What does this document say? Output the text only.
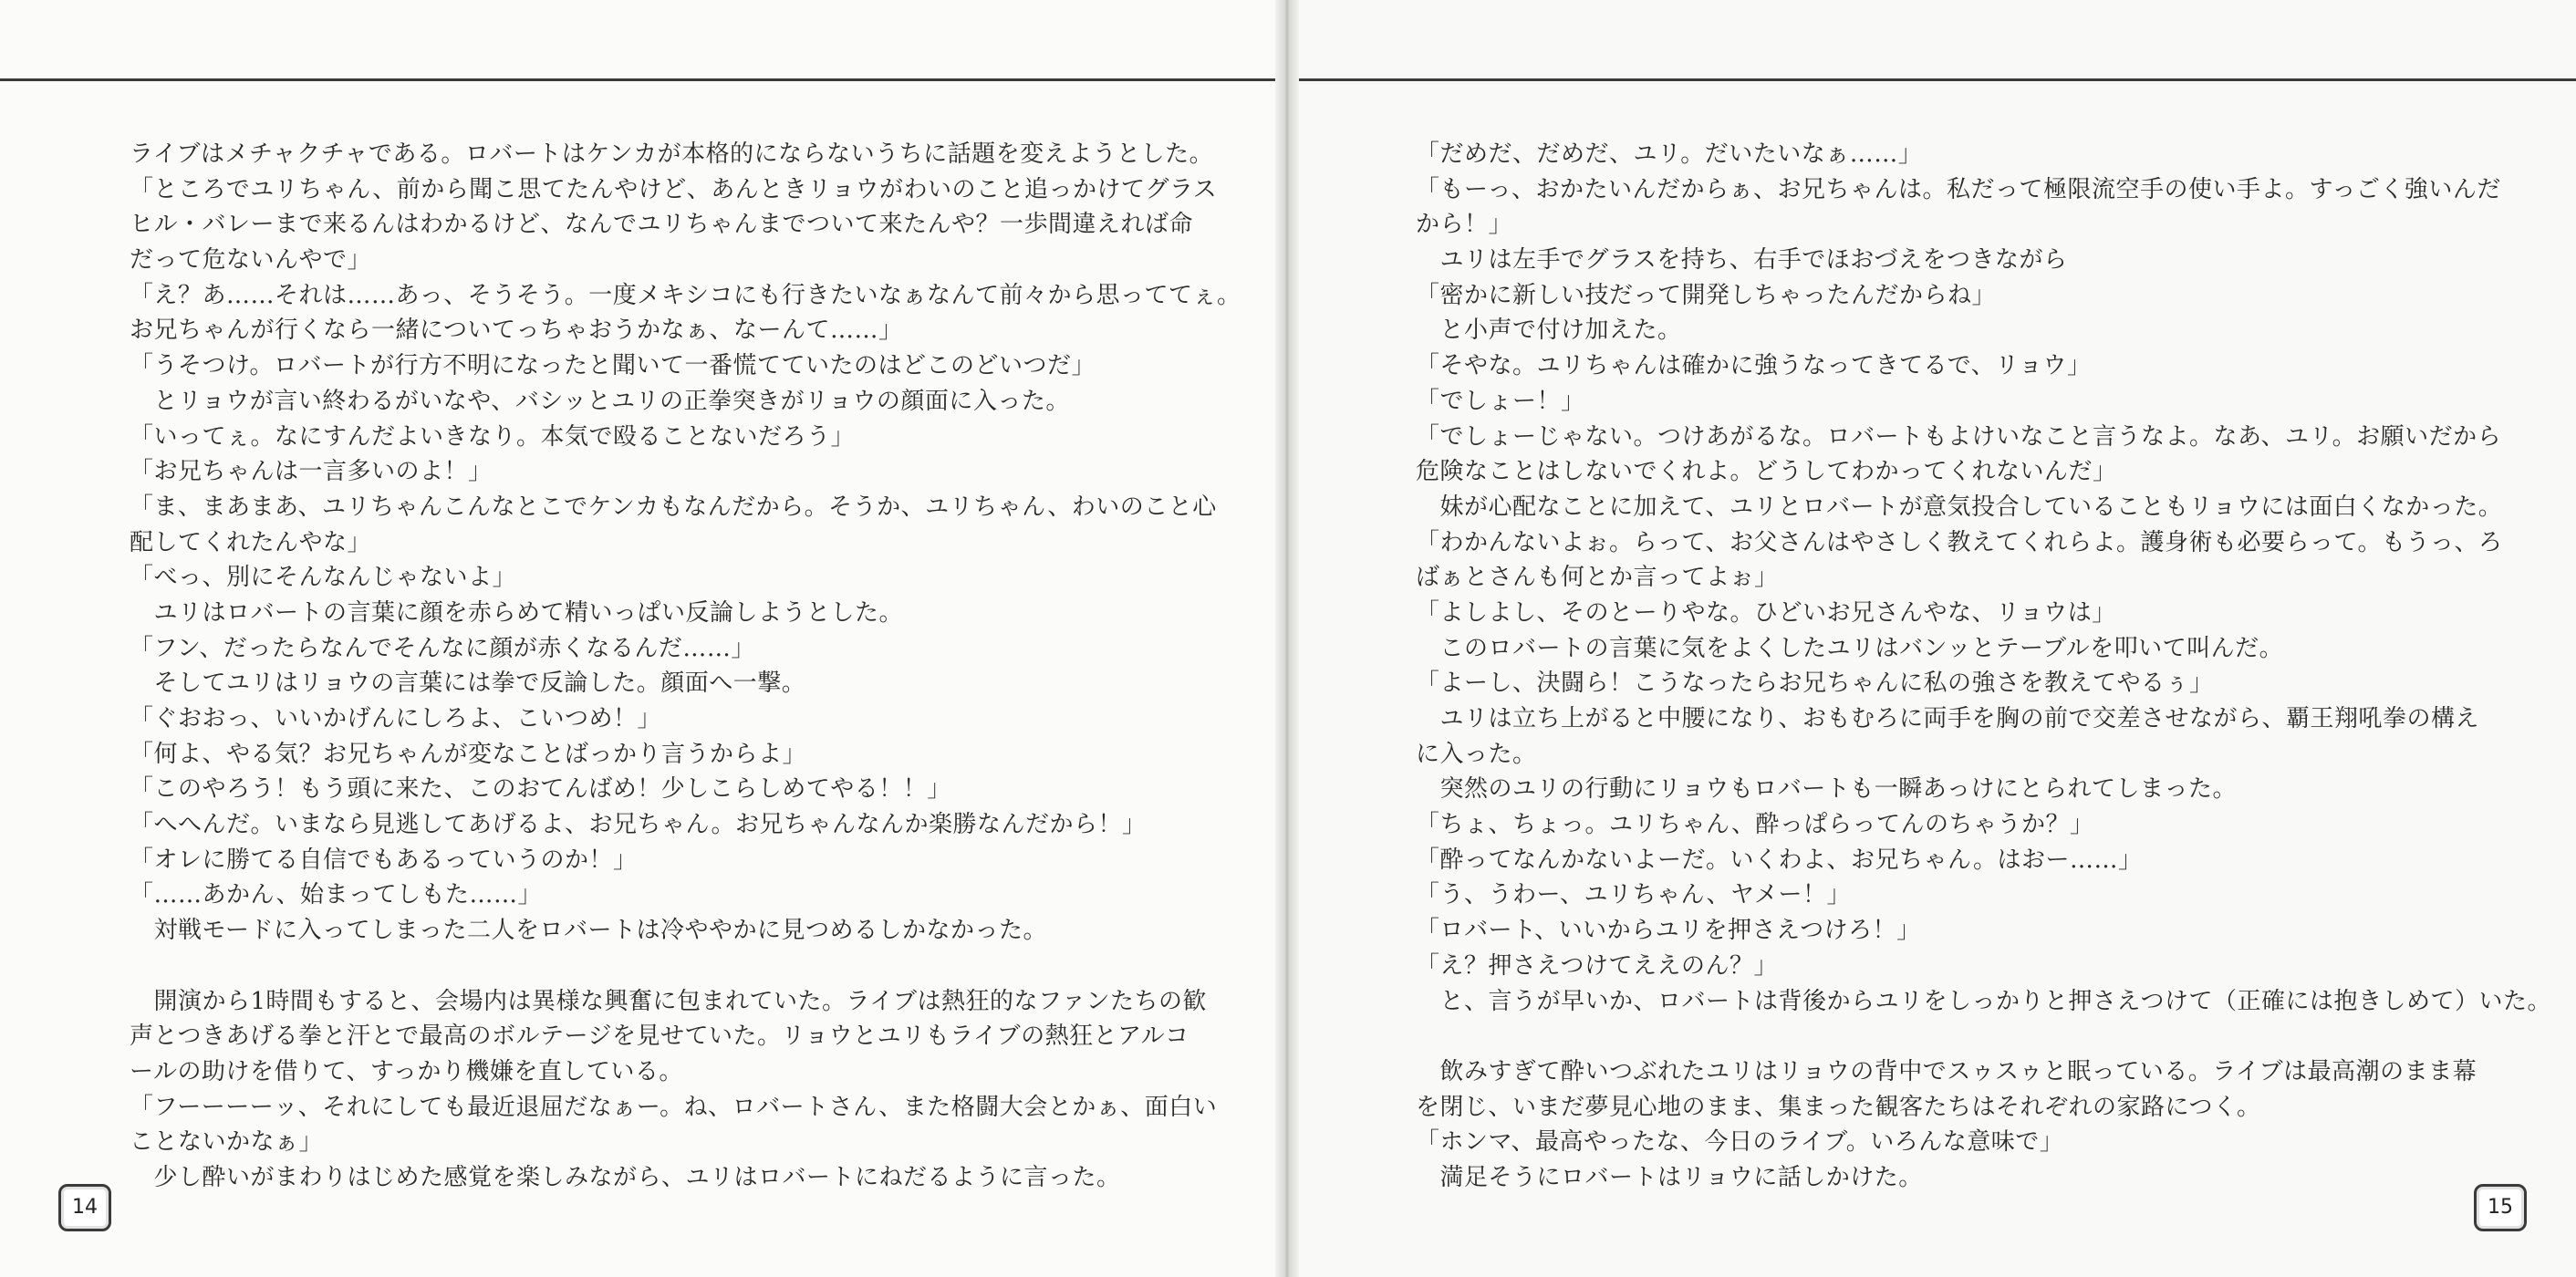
ライブはメチャクチャである。ロバートはケンカが本格的にならないうちに話題を変えようとした。
「ところでユリちゃん、前から聞こ思てたんやけど、あんときリョウがわいのこと追っかけてグラス
ヒル・バレーまで来るんはわかるけど、なんでユリちゃんまでついて来たんや？一歩間違えれば命
だって危ないんやで」
「え？あ……それは……あっ、そうそう。一度メキシコにも行きたいなぁなんて前々から思っててぇ。
お兄ちゃんが行くなら一緒についてっちゃおうかなぁ、なーんて……」
「うそつけ。ロバートが行方不明になったと聞いて一番慌てていたのはどこのどいつだ」
　とリョウが言い終わるがいなや、バシッとユリの正拳突きがリョウの顔面に入った。
「いってぇ。なにすんだよいきなり。本気で殴ることないだろう」
「お兄ちゃんは一言多いのよ！」
「ま、まあまあ、ユリちゃんこんなとこでケンカもなんだから。そうか、ユリちゃん、わいのこと心
配してくれたんやな」
「べっ、別にそんなんじゃないよ」
　ユリはロバートの言葉に顔を赤らめて精いっぱい反論しようとした。
「フン、だったらなんでそんなに顔が赤くなるんだ……」
　そしてユリはリョウの言葉には拳で反論した。顔面へ一撃。
「ぐおおっ、いいかげんにしろよ、こいつめ！」
「何よ、やる気？お兄ちゃんが変なことばっかり言うからよ」
「このやろう！もう頭に来た、このおてんばめ！少しこらしめてやる！！」
「へへんだ。いまなら見逃してあげるよ、お兄ちゃん。お兄ちゃんなんか楽勝なんだから！」
「オレに勝てる自信でもあるっていうのか！」
「……あかん、始まってしもた……」
　対戦モードに入ってしまった二人をロバートは冷ややかに見つめるしかなかった。
　開演から1時間もすると、会場内は異様な興奮に包まれていた。ライブは熱狂的なファンたちの歓
声とつきあげる拳と汗とで最高のボルテージを見せていた。リョウとユリもライブの熱狂とアルコ
ールの助けを借りて、すっかり機嫌を直している。
「フーーーーッ、それにしても最近退屈だなぁー。ね、ロバートさん、また格闘大会とかぁ、面白い
ことないかなぁ」
　少し酔いがまわりはじめた感覚を楽しみながら、ユリはロバートにねだるように言った。
14
「だめだ、だめだ、ユリ。だいたいなぁ……」
「もーっ、おかたいんだからぁ、お兄ちゃんは。私だって極限流空手の使い手よ。すっごく強いんだ
から！」
　ユリは左手でグラスを持ち、右手でほおづえをつきながら
「密かに新しい技だって開発しちゃったんだからね」
　と小声で付け加えた。
「そやな。ユリちゃんは確かに強うなってきてるで、リョウ」
「でしょー！」
「でしょーじゃない。つけあがるな。ロバートもよけいなこと言うなよ。なあ、ユリ。お願いだから
危険なことはしないでくれよ。どうしてわかってくれないんだ」
　妹が心配なことに加えて、ユリとロバートが意気投合していることもリョウには面白くなかった。
「わかんないよぉ。らって、お父さんはやさしく教えてくれらよ。護身術も必要らって。もうっ、ろ
ばぁとさんも何とか言ってよぉ」
「よしよし、そのとーりやな。ひどいお兄さんやな、リョウは」
　このロバートの言葉に気をよくしたユリはバンッとテーブルを叩いて叫んだ。
「よーし、決闘ら！こうなったらお兄ちゃんに私の強さを教えてやるぅ」
　ユリは立ち上がると中腰になり、おもむろに両手を胸の前で交差させながら、覇王翔吼拳の構え
に入った。
　突然のユリの行動にリョウもロバートも一瞬あっけにとられてしまった。
「ちょ、ちょっ。ユリちゃん、酔っぱらってんのちゃうか？」
「酔ってなんかないよーだ。いくわよ、お兄ちゃん。はおー……」
「う、うわー、ユリちゃん、ヤメー！」
「ロバート、いいからユリを押さえつけろ！」
「え？押さえつけてええのん？」
　と、言うが早いか、ロバートは背後からユリをしっかりと押さえつけて（正確には抱きしめて）いた。
　飲みすぎて酔いつぶれたユリはリョウの背中でスゥスゥと眠っている。ライブは最高潮のまま幕
を閉じ、いまだ夢見心地のまま、集まった観客たちはそれぞれの家路につく。
「ホンマ、最高やったな、今日のライブ。いろんな意味で」
　満足そうにロバートはリョウに話しかけた。
15
